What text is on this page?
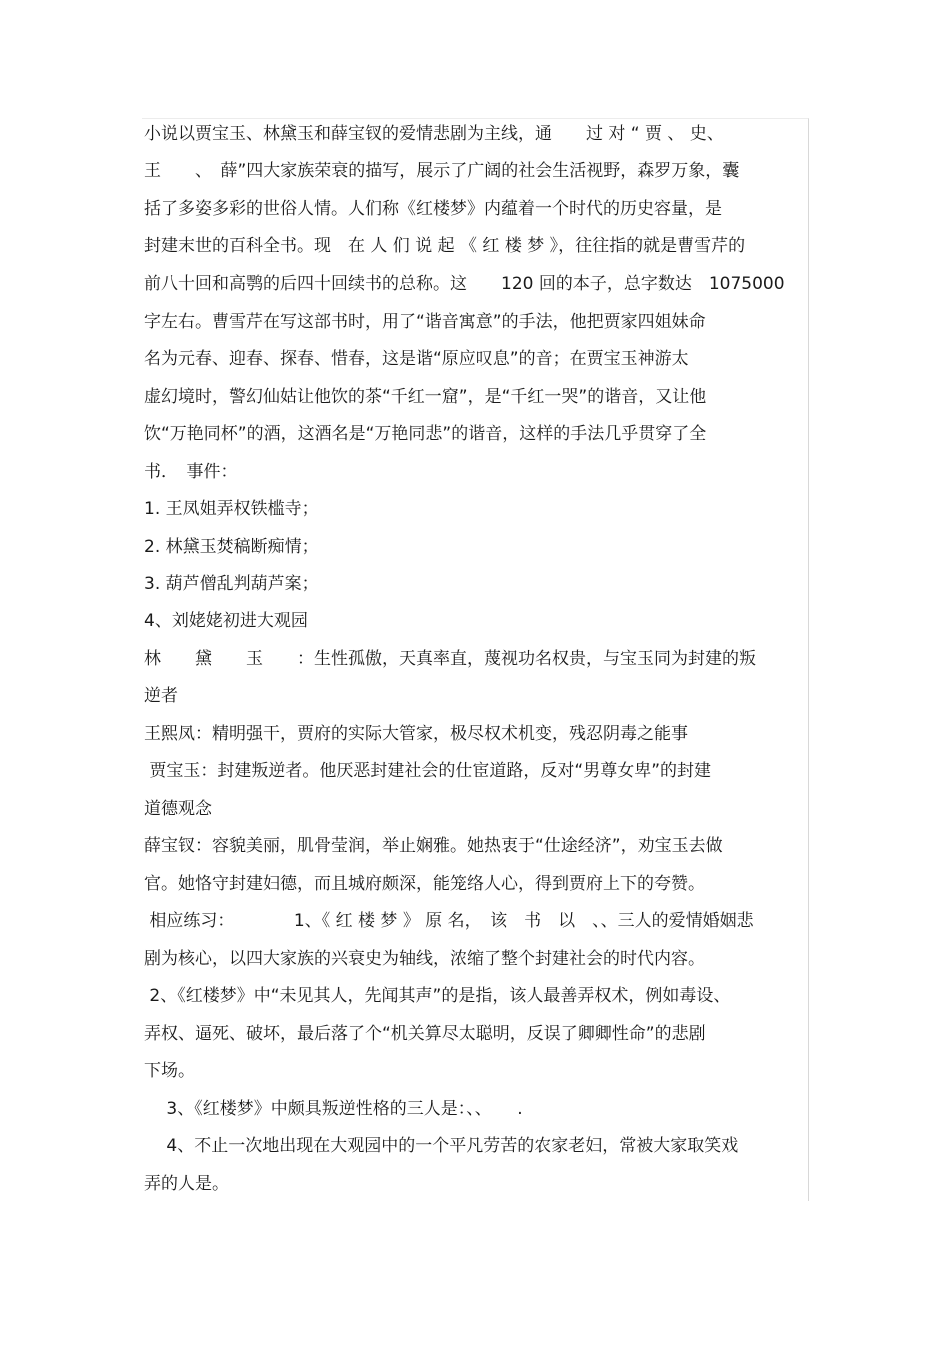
小说以贾宝玉、林黛玉和薛宝钗的爱情悲剧为主线，通　　过 对 “ 贾 、 史、

王　　、　薛”四大家族荣衰的描写，展示了广阔的社会生活视野，森罗万象，囊

括了多姿多彩的世俗人情。人们称《红楼梦》内蕴着一个时代的历史容量，是

封建末世的百科全书。现　在 人 们 说 起 《 红 楼 梦 》，往往指的就是曹雪芹的

前八十回和高鹗的后四十回续书的总称。这　　120 回的本子，总字数达　1075000

字左右。曹雪芹在写这部书时，用了“谐音寓意”的手法，他把贾家四姐妹命

名为元春、迎春、探春、惜春，这是谐“原应叹息”的音；在贾宝玉神游太

虚幻境时，警幻仙姑让他饮的茶“千红一窟”，是“千红一哭”的谐音，又让他

饮“万艳同杯”的酒，这酒名是“万艳同悲”的谐音，这样的手法几乎贯穿了全

书．　事件：

1. 王凤姐弄权铁槛寺；

2. 林黛玉焚稿断痴情；

3. 葫芦僧乱判葫芦案；

4、刘姥姥初进大观园

林　　黛　　玉　　：生性孤傲，天真率直，蔑视功名权贵，与宝玉同为封建的叛

逆者

王熙凤：精明强干，贾府的实际大管家，极尽权术机变，残忍阴毒之能事

贾宝玉：封建叛逆者。他厌恶封建社会的仕宦道路，反对“男尊女卑”的封建

道德观念

薛宝钗：容貌美丽，肌骨莹润，举止娴雅。她热衷于“仕途经济”，劝宝玉去做

官。她恪守封建妇德，而且城府颇深，能笼络人心，得到贾府上下的夸赞。

相应练习：　　　　1、《 红 楼 梦 》 原 名，　该　书　以　、、三人的爱情婚姻悲

剧为核心，以四大家族的兴衰史为轴线，浓缩了整个封建社会的时代内容。

2、《红楼梦》中“未见其人，先闻其声”的是指，该人最善弄权术，例如毒设、

弄权、逼死、破坏，最后落了个“机关算尽太聪明，反误了卿卿性命”的悲剧

下场。

　 3、《红楼梦》中颇具叛逆性格的三人是：、、　　.

　 4、不止一次地出现在大观园中的一个平凡劳苦的农家老妇，常被大家取笑戏

弄的人是。
